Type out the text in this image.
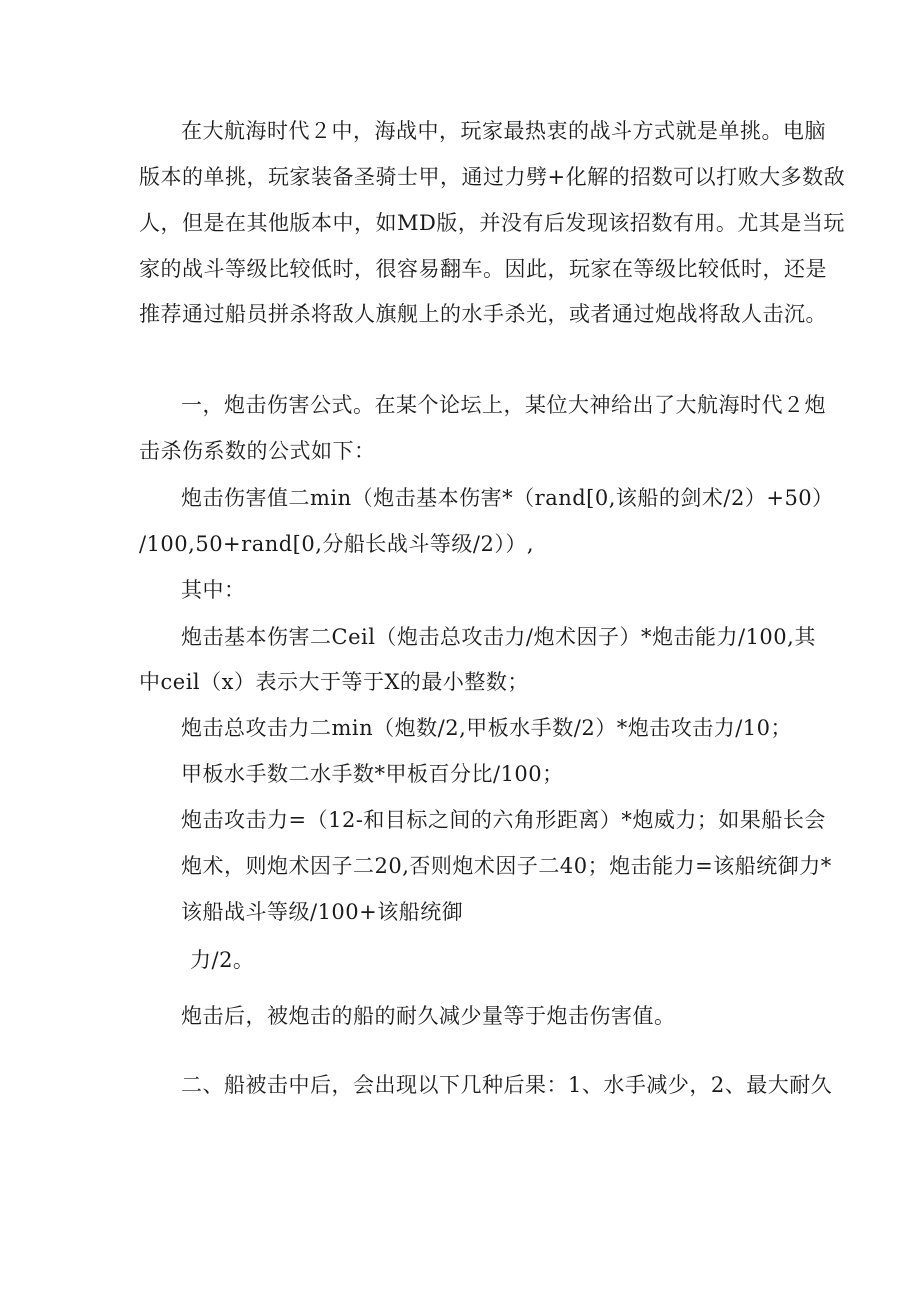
在大航海时代２中，海战中，玩家最热衷的战斗方式就是单挑。电脑
版本的单挑，玩家装备圣骑士甲，通过力劈+化解的招数可以打败大多数敌
人，但是在其他版本中，如MD版，并没有后发现该招数有用。尤其是当玩
家的战斗等级比较低时，很容易翻车。因此，玩家在等级比较低时，还是
推荐通过船员拼杀将敌人旗舰上的水手杀光，或者通过炮战将敌人击沉。
一，炮击伤害公式。在某个论坛上，某位大神给出了大航海时代２炮
击杀伤系数的公式如下：
炮击伤害值二min（炮击基本伤害*（rand[0,该船的剑术/2）+50）
/100,50+rand[0,分船长战斗等级/2））,
其中：
炮击基本伤害二Ceil（炮击总攻击力/炮术因子）*炮击能力/100,其
中ceil（x）表示大于等于X的最小整数；
炮击总攻击力二min（炮数/2,甲板水手数/2）*炮击攻击力/10；
甲板水手数二水手数*甲板百分比/100；
炮击攻击力=（12-和目标之间的六角形距离）*炮威力；如果船长会
炮术，则炮术因子二20,否则炮术因子二40；炮击能力=该船统御力*
该船战斗等级/100+该船统御
力/2。
炮击后，被炮击的船的耐久减少量等于炮击伤害值。
二、船被击中后，会出现以下几种后果：1、水手减少，2、最大耐久
